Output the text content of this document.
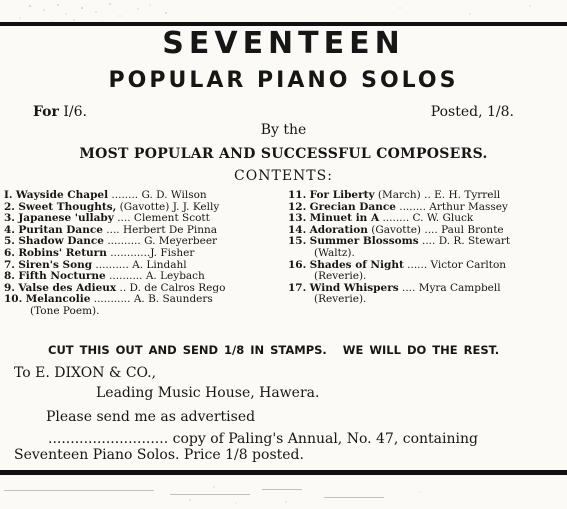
SEVENTEEN
POPULAR PIANO SOLOS
For I/6.	Posted, 1/8.
By the
MOST POPULAR AND SUCCESSFUL COMPOSERS.
CONTENTS:
I. Wayside Chapel ........ G. D. Wilson
2. Sweet Thoughts, (Gavotte) J. J. Kelly
3. Japanese 'ullaby .... Clement Scott
4. Puritan Dance .... Herbert De Pinna
5. Shadow Dance .......... G. Meyerbeer
6. Robins' Return ............J. Fisher
7. Siren's Song .......... A. Lindahl
8. Fifth Nocturne .......... A. Leybach
9. Valse des Adieux .. D. de Calros Rego
10. Melancolie ........... A. B. Saunders
(Tone Poem).
11. For Liberty (March) .. E. H. Tyrrell
12. Grecian Dance ........ Arthur Massey
13. Minuet in A ........ C. W. Gluck
14. Adoration (Gavotte) .... Paul Bronte
15. Summer Blossoms .... D. R. Stewart
(Waltz).
16. Shades of Night ...... Victor Carlton
(Reverie).
17. Wind Whispers .... Myra Campbell
(Reverie).
CUT THIS OUT AND SEND 1/8 IN STAMPS. WE WILL DO THE REST.
To E. DIXON & CO.,
Leading Music House, Hawera.
Please send me as advertised
........................... copy of Paling's Annual, No. 47, containing
Seventeen Piano Solos. Price 1/8 posted.
